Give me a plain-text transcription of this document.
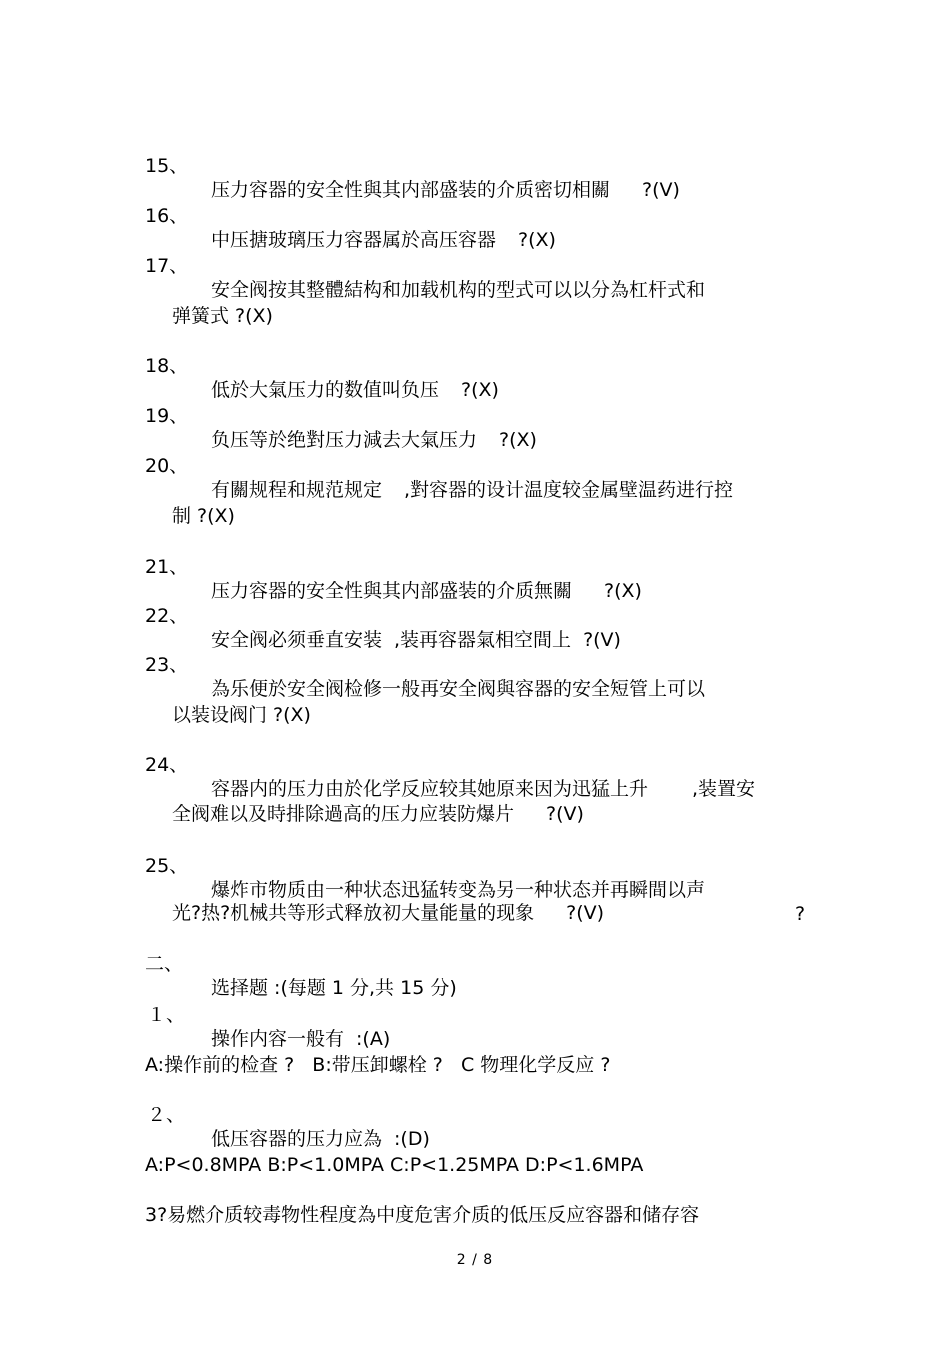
15、

压力容器的安全性與其内部盛装的介质密切相關 ?(V)

16、

中压搪玻璃压力容器属於高压容器 ?(X)

17、

安全阀按其整體結构和加载机构的型式可以以分為杠杆式和

弹簧式 ?(X)

18、

低於大氣压力的数值叫负压 ?(X)

19、

负压等於绝對压力減去大氣压力 ?(X)

20、

有關规程和规范规定 ,對容器的设计温度较金属壁温药进行控

制 ?(X)

21、

压力容器的安全性與其内部盛装的介质無關 ?(X)

22、

安全阀必须垂直安装 ,装再容器氣相空間上 ?(V)

23、

為乐便於安全阀检修一般再安全阀與容器的安全短管上可以

以装设阀门 ?(X)

24、

容器内的压力由於化学反应较其她原来因为迅猛上升 ,装置安

全阀难以及時排除過高的压力应装防爆片 ?(V)

25、

爆炸市物质由一种状态迅猛转变為另一种状态并再瞬間以声

?

光?热?机械共等形式释放初大量能量的现象 ?(V)

二、

选择题 :(每题 1 分,共 15 分)

１、

操作内容一般有 :(A)

A:操作前的检查 ?   B:带压卸螺栓 ?   C 物理化学反应 ?

２、

低压容器的压力应為 :(D)

A:P<0.8MPA B:P<1.0MPA C:P<1.25MPA D:P<1.6MPA

3?易燃介质较毒物性程度為中度危害介质的低压反应容器和储存容

2 / 8
